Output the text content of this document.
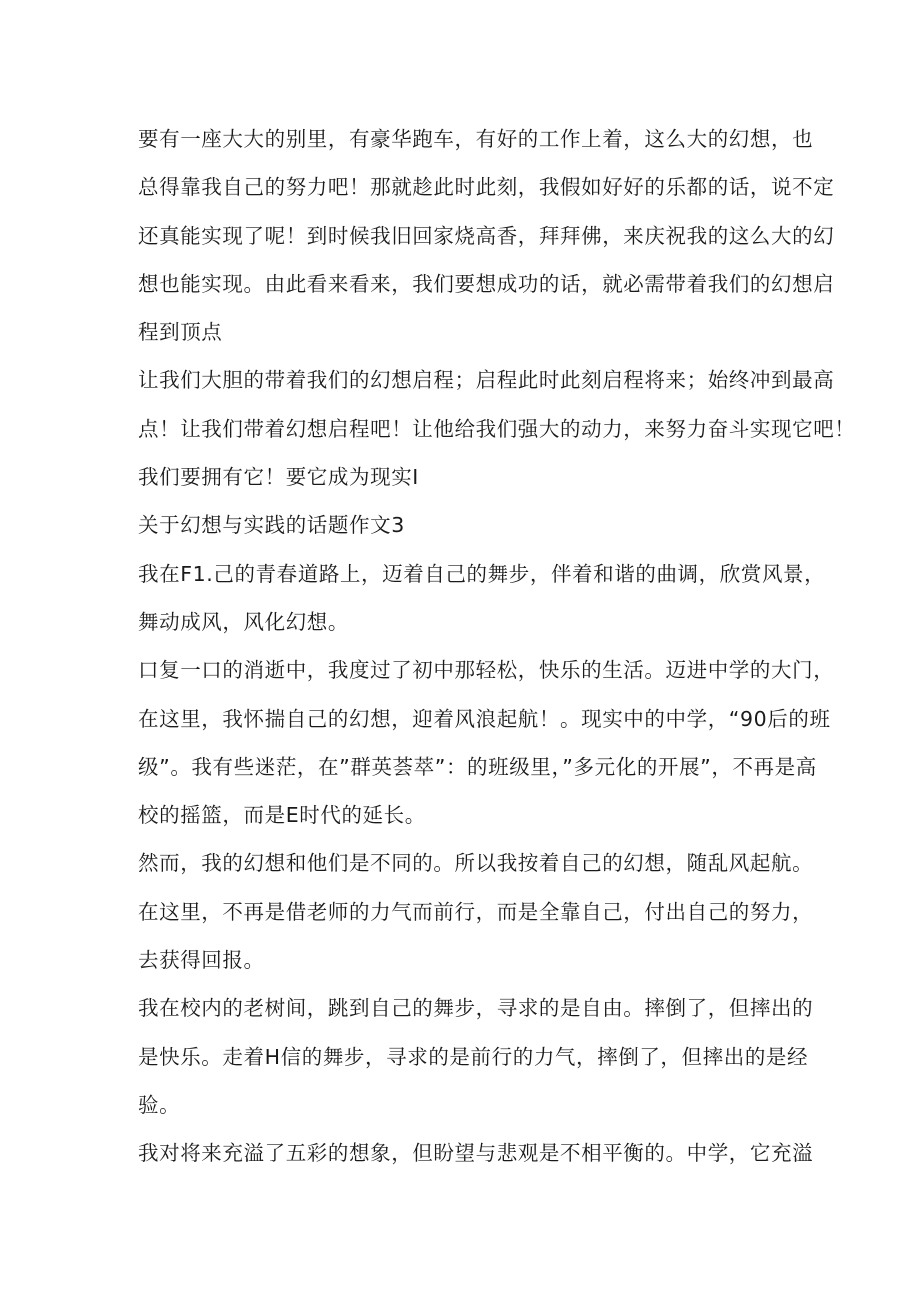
要有一座大大的别里，有豪华跑车，有好的工作上着，这么大的幻想，也
总得靠我自己的努力吧！那就趁此时此刻，我假如好好的乐都的话，说不定
还真能实现了呢！到时候我旧回家烧高香，拜拜佛，来庆祝我的这么大的幻
想也能实现。由此看来看来，我们要想成功的话，就必需带着我们的幻想启
程到顶点

让我们大胆的带着我们的幻想启程；启程此时此刻启程将来；始终冲到最高
点！让我们带着幻想启程吧！让他给我们强大的动力，来努力奋斗实现它吧！
我们要拥有它！要它成为现实I

关于幻想与实践的话题作文3

我在F1.己的青春道路上，迈着自己的舞步，伴着和谐的曲调，欣赏风景，
舞动成风，风化幻想。

口复一口的消逝中，我度过了初中那轻松，快乐的生活。迈进中学的大门，
在这里，我怀揣自己的幻想，迎着风浪起航！。现实中的中学，“90后的班
级”。我有些迷茫，在”群英荟萃”：的班级里，”多元化的开展”，不再是高
校的摇篮，而是E时代的延长。

然而，我的幻想和他们是不同的。所以我按着自己的幻想，随乱风起航。
在这里，不再是借老师的力气而前行，而是全靠自己，付出自己的努力，
去获得回报。

我在校内的老树间，跳到自己的舞步，寻求的是自由。摔倒了，但摔出的
是快乐。走着H信的舞步，寻求的是前行的力气，摔倒了，但摔出的是经
验。

我对将来充溢了五彩的想象，但盼望与悲观是不相平衡的。中学，它充溢
